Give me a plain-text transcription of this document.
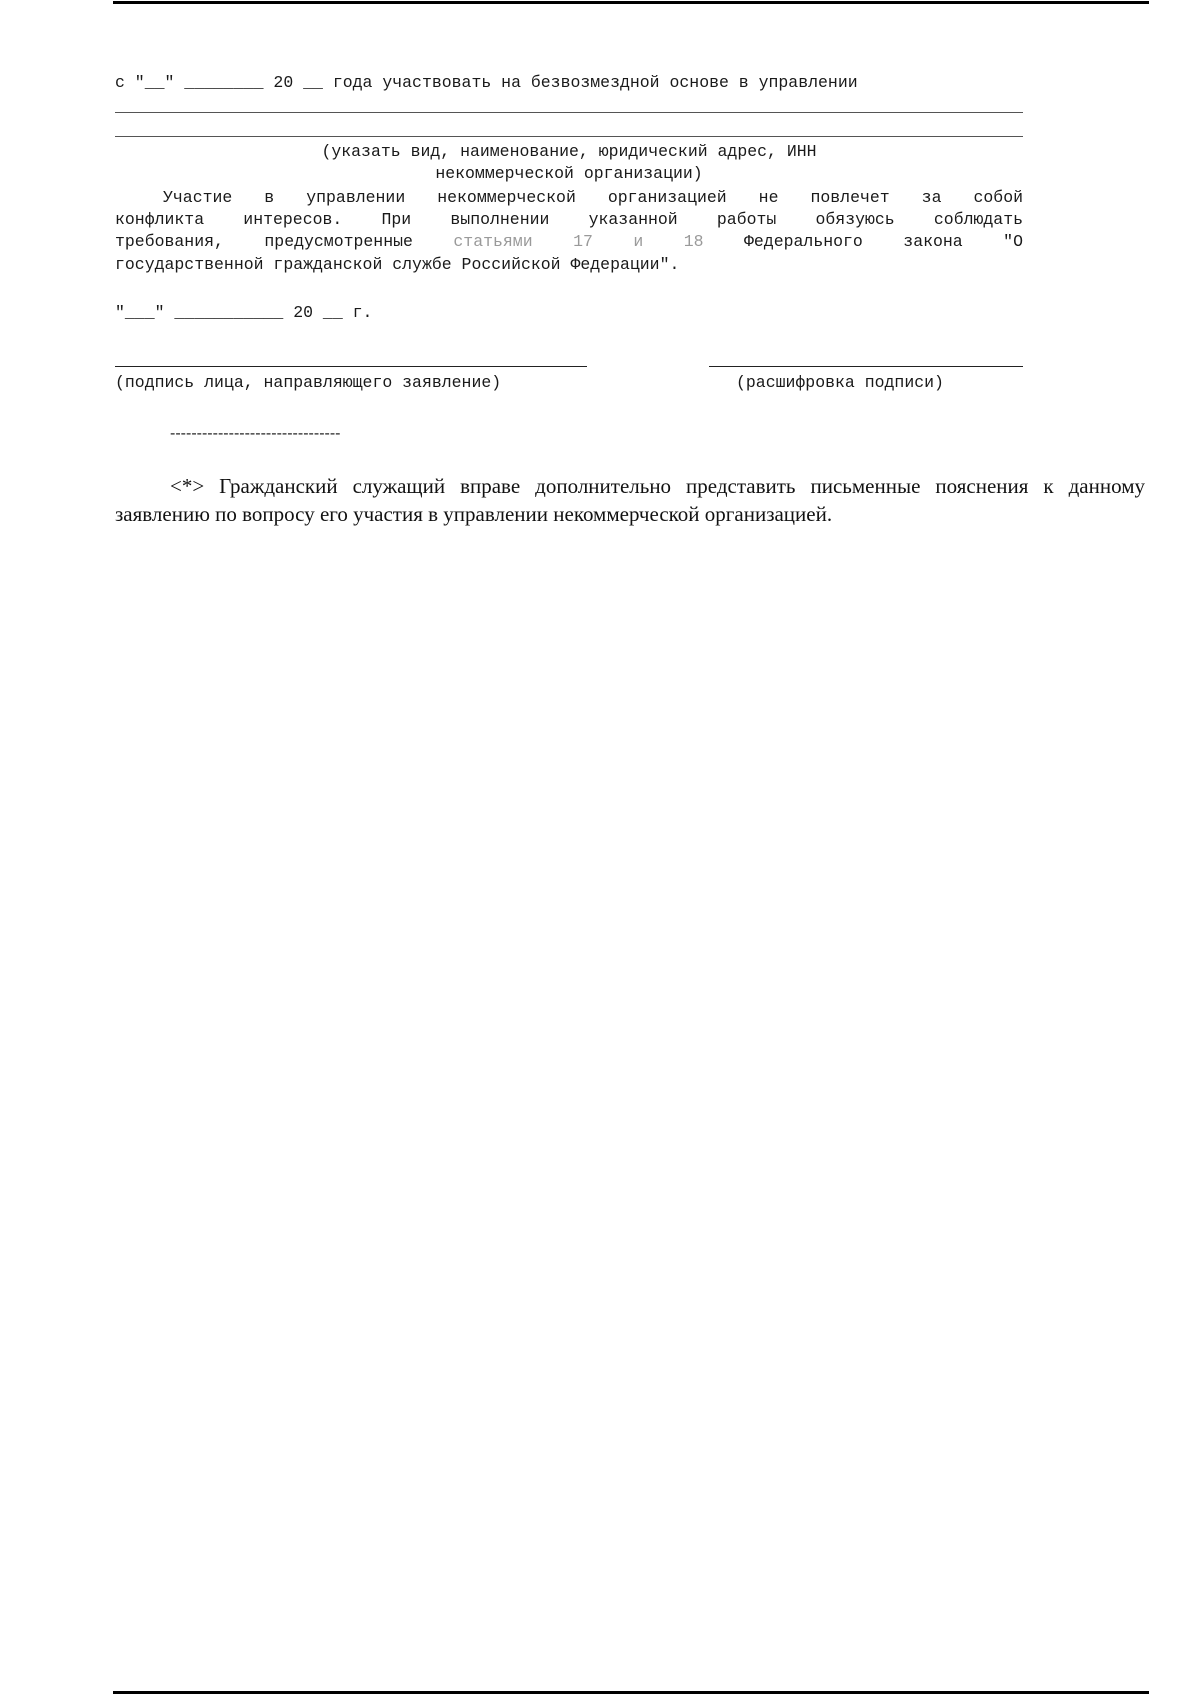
с "__" ________ 20 __ года участвовать на безвозмездной основе в управлении
(указать вид, наименование, юридический адрес, ИНН
некоммерческой организации)
Участие в управлении некоммерческой организацией не повлечет за собой
конфликта интересов. При выполнении указанной работы обязуюсь соблюдать
требования, предусмотренные статьями 17 и 18 Федерального закона "О
государственной гражданской службе Российской Федерации".
"___" ___________ 20 __ г.
(подпись лица, направляющего заявление)	(расшифровка подписи)
--------------------------------
<*> Гражданский служащий вправе дополнительно представить письменные пояснения к данному заявлению по вопросу его участия в управлении некоммерческой организацией.
